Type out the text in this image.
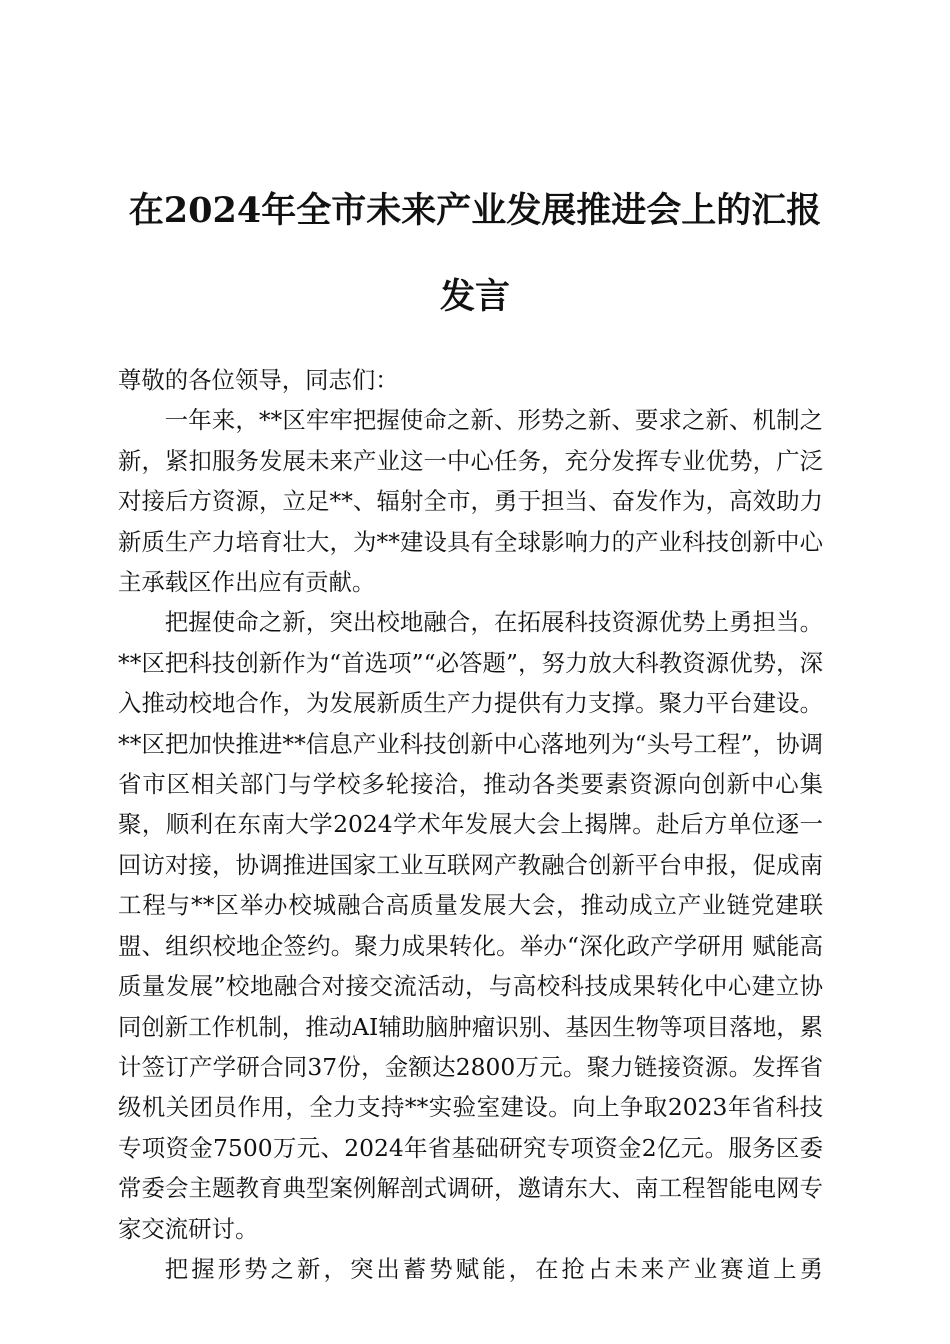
在2024年全市未来产业发展推进会上的汇报
发言

尊敬的各位领导，同志们：

一年来，**区牢牢把握使命之新、形势之新、要求之新、机制之新，紧扣服务发展未来产业这一中心任务，充分发挥专业优势，广泛对接后方资源，立足**、辐射全市，勇于担当、奋发作为，高效助力新质生产力培育壮大，为**建设具有全球影响力的产业科技创新中心主承载区作出应有贡献。

把握使命之新，突出校地融合，在拓展科技资源优势上勇担当。**区把科技创新作为“首选项”“必答题”，努力放大科教资源优势，深入推动校地合作，为发展新质生产力提供有力支撑。聚力平台建设。**区把加快推进**信息产业科技创新中心落地列为“头号工程”，协调省市区相关部门与学校多轮接洽，推动各类要素资源向创新中心集聚，顺利在东南大学2024学术年发展大会上揭牌。赴后方单位逐一回访对接，协调推进国家工业互联网产教融合创新平台申报，促成南工程与**区举办校城融合高质量发展大会，推动成立产业链党建联盟、组织校地企签约。聚力成果转化。举办“深化政产学研用 赋能高质量发展”校地融合对接交流活动，与高校科技成果转化中心建立协同创新工作机制，推动AI辅助脑肿瘤识别、基因生物等项目落地，累计签订产学研合同37份，金额达2800万元。聚力链接资源。发挥省级机关团员作用，全力支持**实验室建设。向上争取2023年省科技专项资金7500万元、2024年省基础研究专项资金2亿元。服务区委常委会主题教育典型案例解剖式调研，邀请东大、南工程智能电网专家交流研讨。

把握形势之新，突出蓄势赋能，在抢占未来产业赛道上勇
